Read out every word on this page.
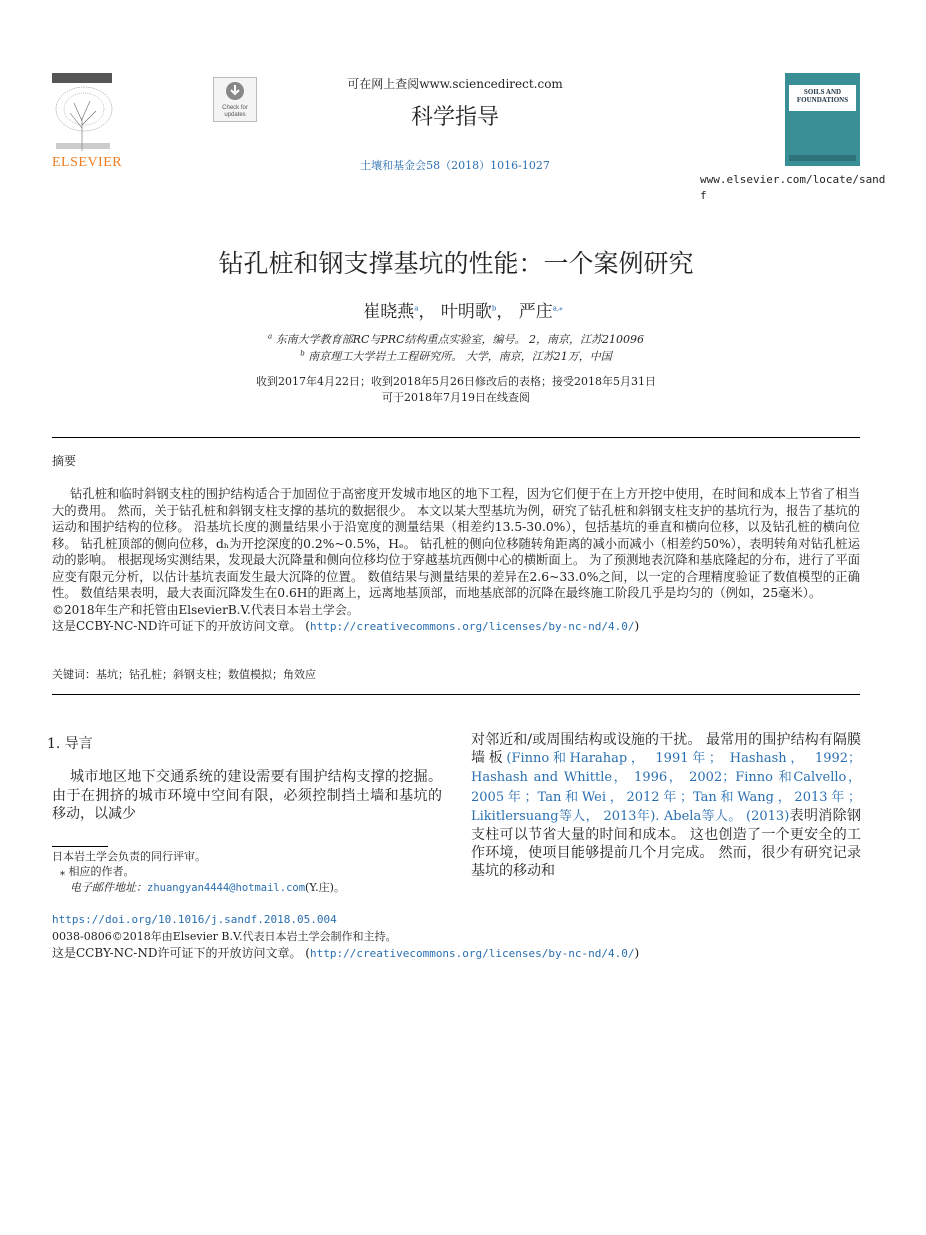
ELSEVIER
Check for updates
可在网上查阅www.sciencedirect.com
科学指导
土壤和基金会58（2018）1016-1027
SOILS AND FOUNDATIONS
www.elsevier.com/locate/sandf
钻孔桩和钢支撑基坑的性能：一个案例研究
崔晓燕$^a$， 叶明歌$^b$， 严庄$^{a,⁎}$
$^a$ 东南大学教育部RC与PRC结构重点实验室，编号。 2，南京，江苏210096
$^b$ 南京理工大学岩土工程研究所。 大学，南京，江苏21万，中国
收到2017年4月22日；收到2018年5月26日修改后的表格；接受2018年5月31日
可于2018年7月19日在线查阅
摘要

钻孔桩和临时斜钢支柱的围护结构适合于加固位于高密度开发城市地区的地下工程，因为它们便于在上方开挖中使用，在时间和成本上节省了相当大的费用。 然而，关于钻孔桩和斜钢支柱支撑的基坑的数据很少。 本文以某大型基坑为例，研究了钻孔桩和斜钢支柱支护的基坑行为，报告了基坑的运动和围护结构的位移。 沿基坑长度的测量结果小于沿宽度的测量结果（相差约13.5-30.0%），包括基坑的垂直和横向位移，以及钻孔桩的横向位移。 钻孔桩顶部的侧向位移，dₕ为开挖深度的0.2%~0.5%，Hₑ。 钻孔桩的侧向位移随转角距离的减小而减小（相差约50%），表明转角对钻孔桩运动的影响。 根据现场实测结果，发现最大沉降量和侧向位移均位于穿越基坑西侧中心的横断面上。 为了预测地表沉降和基底隆起的分布，进行了平面应变有限元分析，以估计基坑表面发生最大沉降的位置。 数值结果与测量结果的差异在2.6~33.0%之间，以一定的合理精度验证了数值模型的正确性。 数值结果表明，最大表面沉降发生在0.6H的距离上，远离地基顶部，而地基底部的沉降在最终施工阶段几乎是均匀的（例如，25毫米）。

©2018年生产和托管由ElsevierB.V.代表日本岩土学会。

这是CCBY-NC-ND许可证下的开放访问文章。 (http://creativecommons.org/licenses/by-nc-nd/4.0/)

关键词：基坑；钻孔桩；斜钢支柱；数值模拟；角效应
1. 导言

城市地区地下交通系统的建设需要有围护结构支撑的挖掘。 由于在拥挤的城市环境中空间有限，必须控制挡土墙和基坑的移动，以减少

对邻近和/或周围结构或设施的干扰。 最常用的围护结构有隔膜墙板(Finno和Harahap， 1991年； Hashash， 1992； Hashash and Whittle， 1996， 2002；Finno 和Calvello，2005年；Tan和Wei，2012年；Tan和Wang，2013年；Likitlersuang等人， 2013年). Abela等人。 (2013)表明消除钢支柱可以节省大量的时间和成本。 这也创造了一个更安全的工作环境，使项目能够提前几个月完成。 然而，很少有研究记录基坑的移动和

日本岩土学会负责的同行评审。
⁎ 相应的作者。
电子邮件地址：zhuangyan4444@hotmail.com(Y.庄)。
https://doi.org/10.1016/j.sandf.2018.05.004
0038-0806©2018年由Elsevier B.V.代表日本岩土学会制作和主持。
这是CCBY-NC-ND许可证下的开放访问文章。 (http://creativecommons.org/licenses/by-nc-nd/4.0/)
